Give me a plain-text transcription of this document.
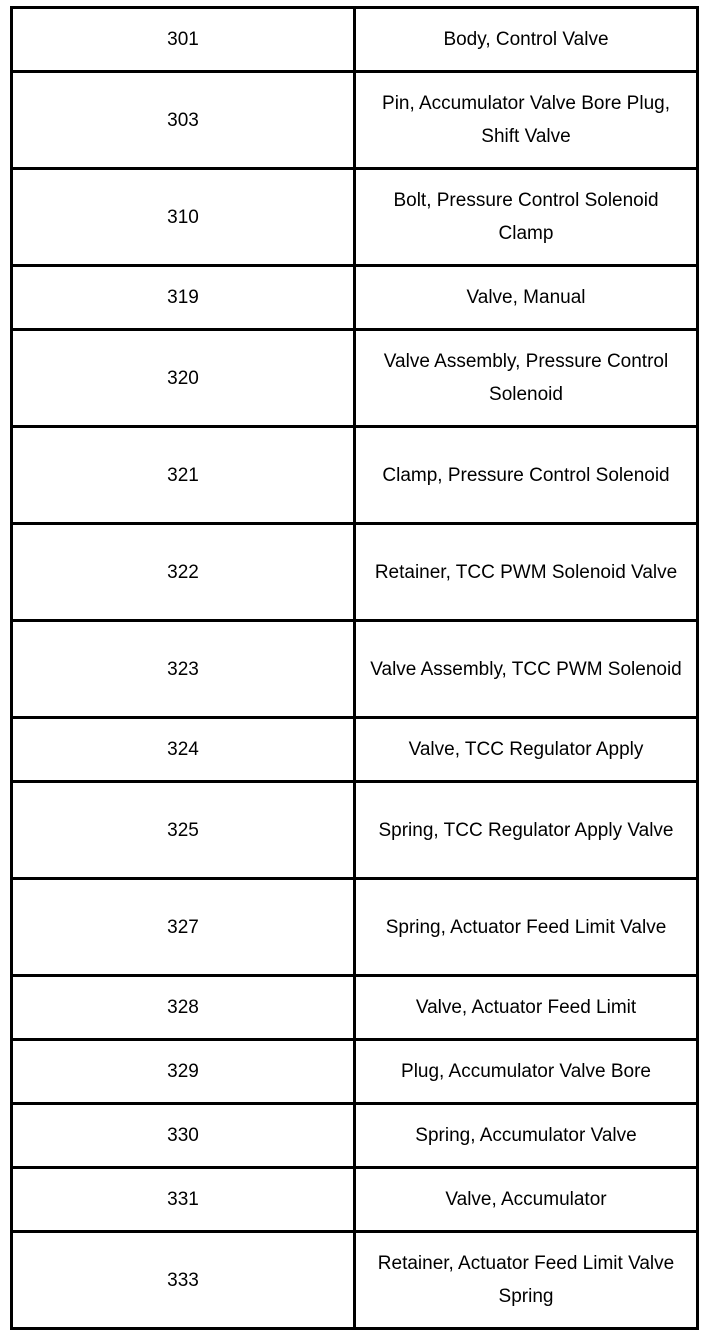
301	Body, Control Valve
303	Pin, Accumulator Valve Bore Plug, Shift Valve
310	Bolt, Pressure Control Solenoid Clamp
319	Valve, Manual
320	Valve Assembly, Pressure Control Solenoid
321	Clamp, Pressure Control Solenoid
322	Retainer, TCC PWM Solenoid Valve
323	Valve Assembly, TCC PWM Solenoid
324	Valve, TCC Regulator Apply
325	Spring, TCC Regulator Apply Valve
327	Spring, Actuator Feed Limit Valve
328	Valve, Actuator Feed Limit
329	Plug, Accumulator Valve Bore
330	Spring, Accumulator Valve
331	Valve, Accumulator
333	Retainer, Actuator Feed Limit Valve Spring
